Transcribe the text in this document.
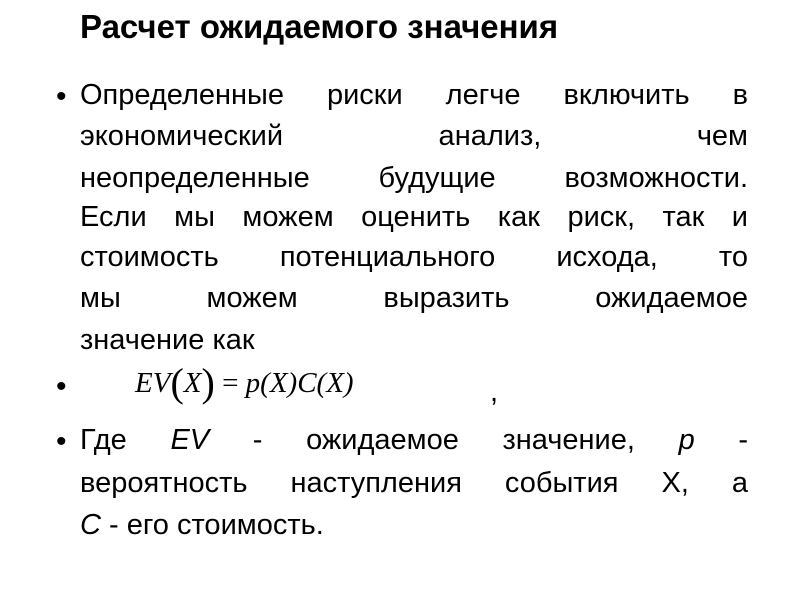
Расчет ожидаемого значения
• Определенные риски легче включить в
экономический анализ, чем
неопределенные будущие возможности.
Если мы можем оценить как риск, так и
стоимость потенциального исхода, то
мы можем выразить ожидаемое
значение как
• EV(X) = p(X)C(X)	,
• Где EV - ожидаемое значение, p -
вероятность наступления события X, а
C - его стоимость.
